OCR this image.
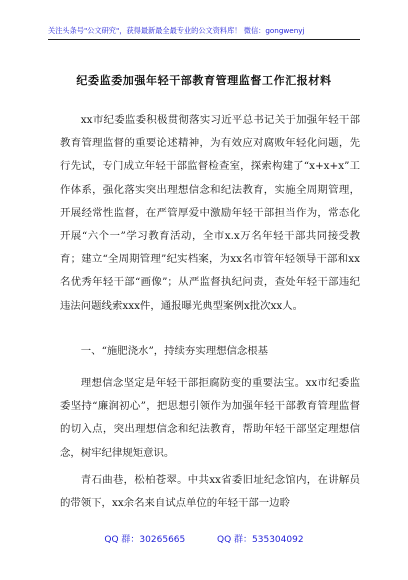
关注头条号"公文研究"，获得最新最全最专业的公文资料库！ 微信：gongwenyj
纪委监委加强年轻干部教育管理监督工作汇报材料

xx市纪委监委积极贯彻落实习近平总书记关于加强年轻干部教育管理监督的重要论述精神，为有效应对腐败年轻化问题，先行先试，专门成立年轻干部监督检查室，探索构建了“x+x+x”工作体系，强化落实突出理想信念和纪法教育，实施全周期管理，开展经常性监督，在严管厚爱中激励年轻干部担当作为，常态化开展“六个一”学习教育活动，全市x.x万名年轻干部共同接受教育；建立“全周期管理”纪实档案，为xx名市管年轻领导干部和xx名优秀年轻干部“画像”；从严监督执纪问责，查处年轻干部违纪违法问题线索xxx件，通报曝光典型案例x批次xx人。

一、“施肥浇水”，持续夯实理想信念根基

理想信念坚定是年轻干部拒腐防变的重要法宝。xx市纪委监委坚持“廉润初心”，把思想引领作为加强年轻干部教育管理监督的切入点，突出理想信念和纪法教育，帮助年轻干部坚定理想信念，树牢纪律规矩意识。

青石曲巷，松柏苍翠。中共xx省委旧址纪念馆内，在讲解员的带领下，xx余名来自试点单位的年轻干部一边聆

QQ 群：30265665	QQ 群：535304092
